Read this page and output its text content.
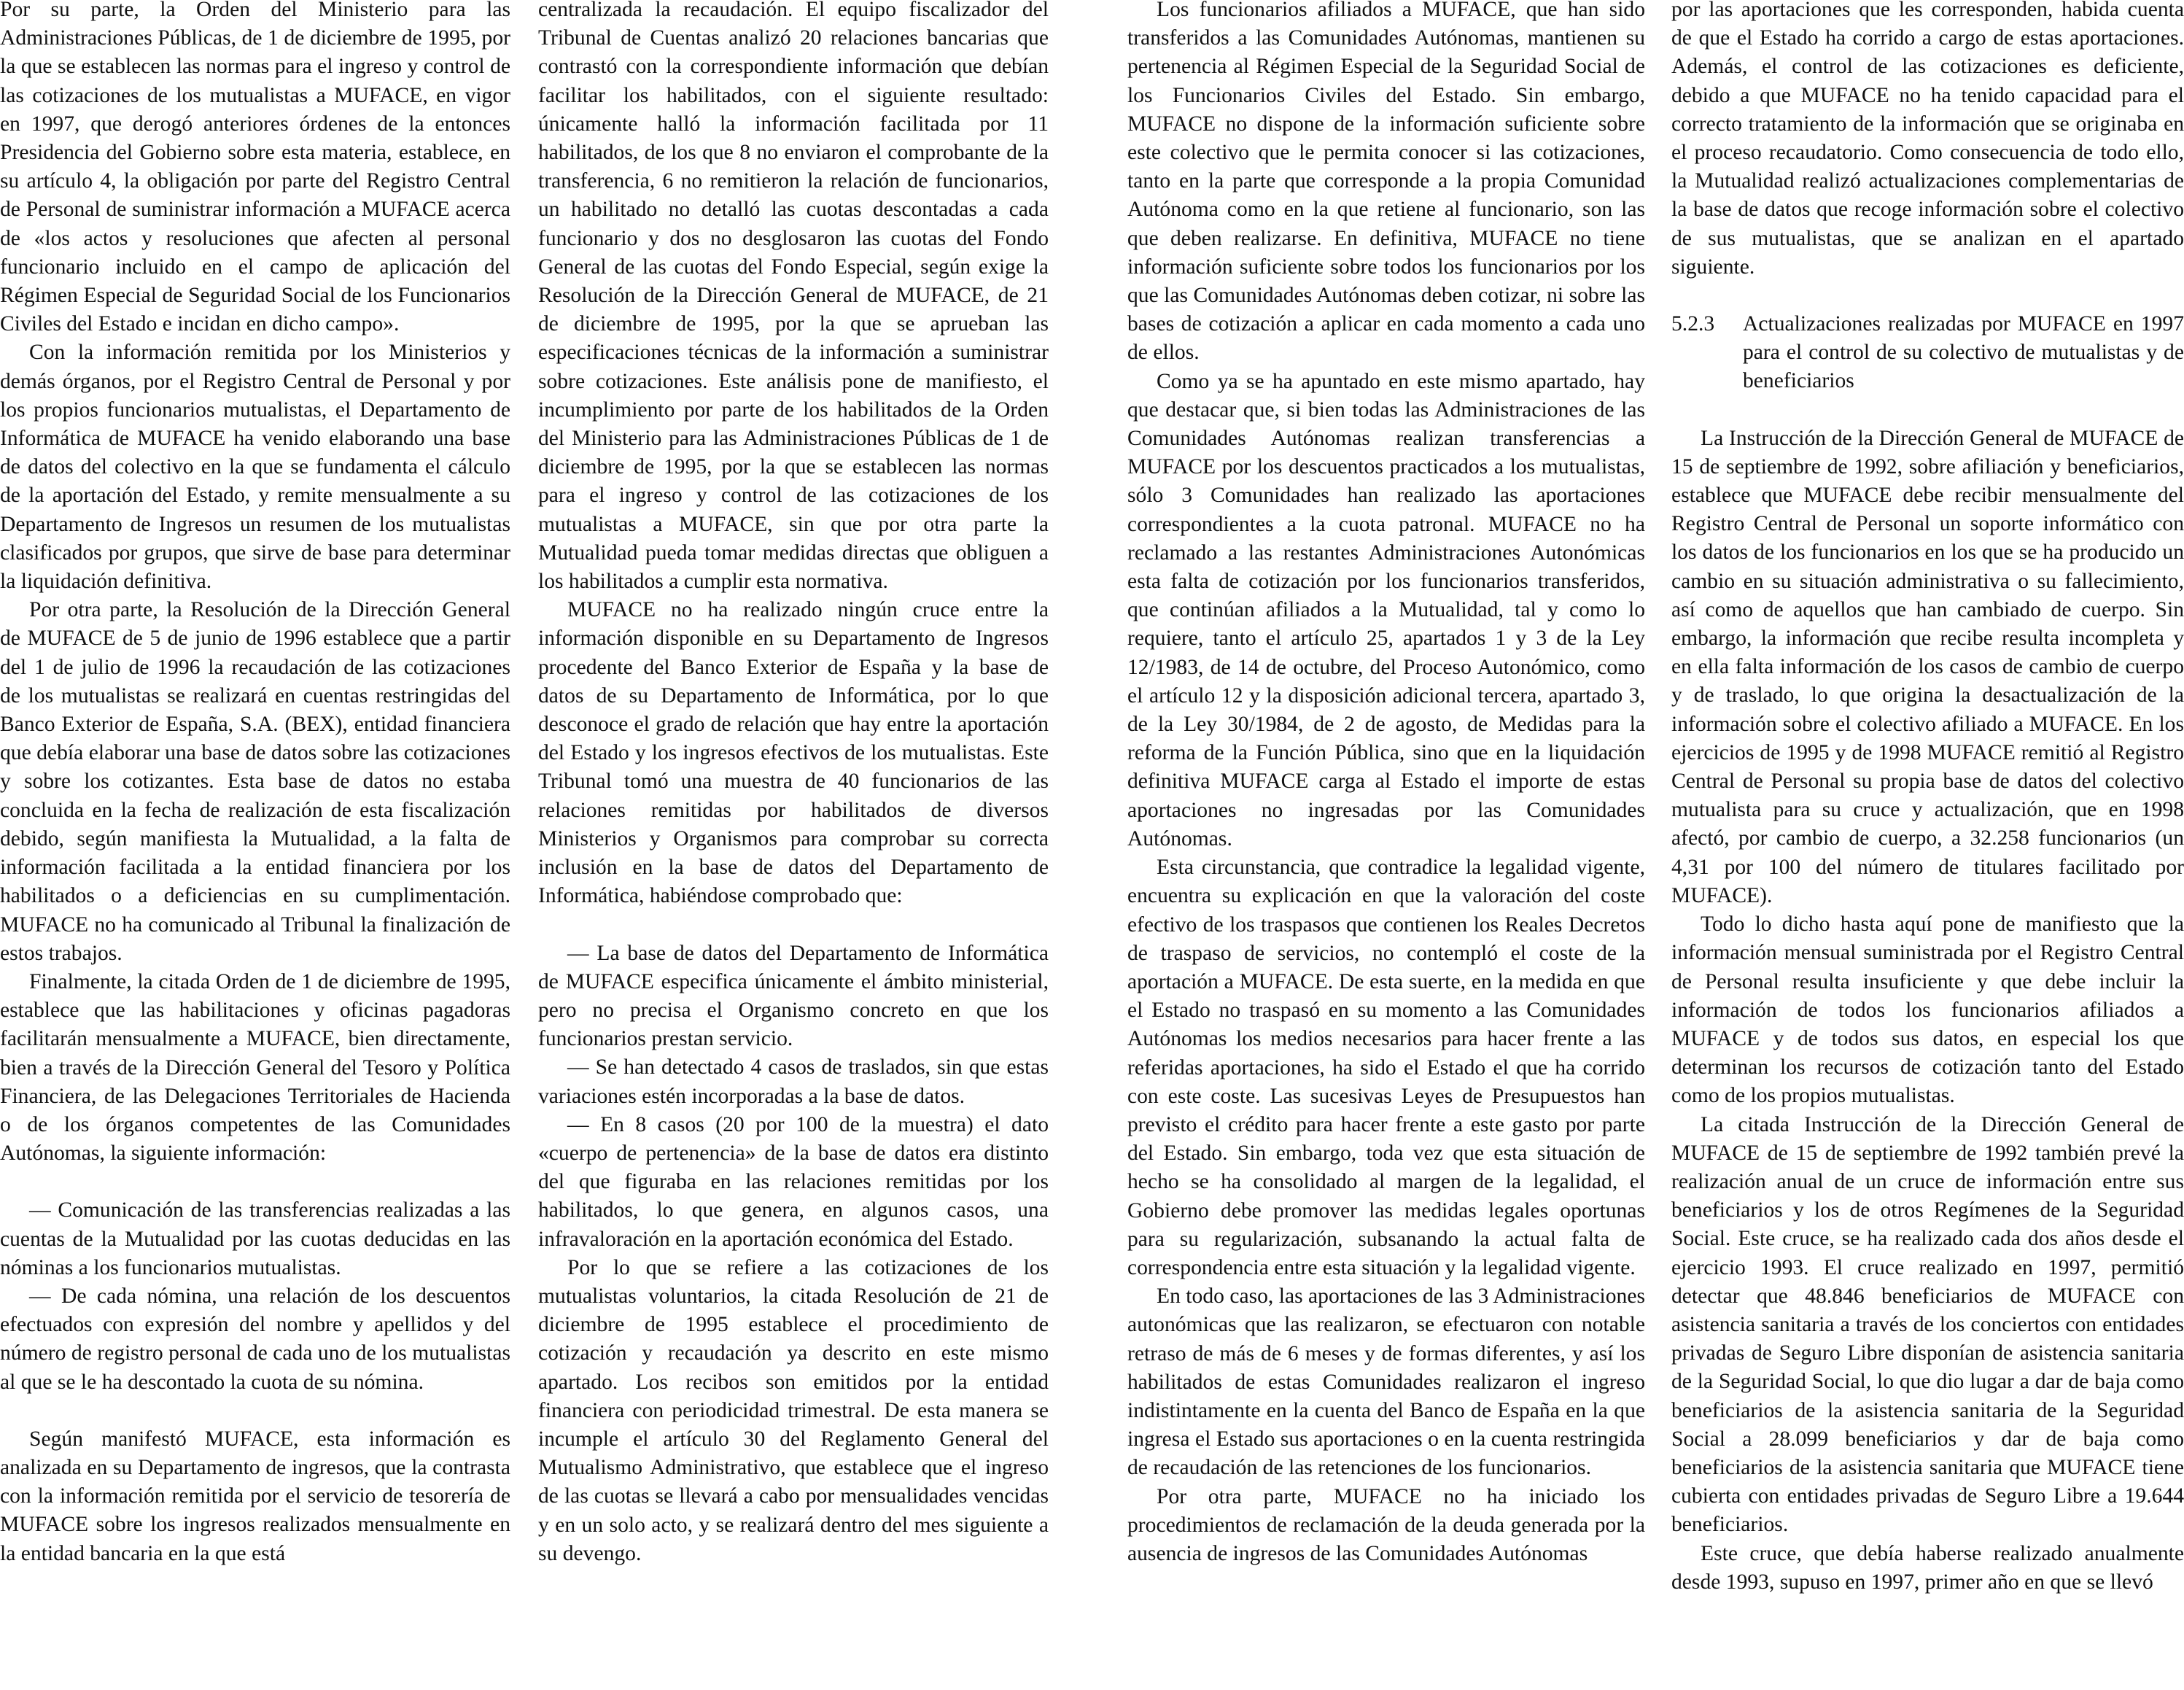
Por su parte, la Orden del Ministerio para las Administraciones Públicas, de 1 de diciembre de 1995, por la que se establecen las normas para el ingreso y control de las cotizaciones de los mutualistas a MUFACE, en vigor en 1997, que derogó anteriores órdenes de la entonces Presidencia del Gobierno sobre esta materia, establece, en su artículo 4, la obligación por parte del Registro Central de Personal de suministrar información a MUFACE acerca de «los actos y resoluciones que afecten al personal funcionario incluido en el campo de aplicación del Régimen Especial de Seguridad Social de los Funcionarios Civiles del Estado e incidan en dicho campo».

Con la información remitida por los Ministerios y demás órganos, por el Registro Central de Personal y por los propios funcionarios mutualistas, el Departamento de Informática de MUFACE ha venido elaborando una base de datos del colectivo en la que se fundamenta el cálculo de la aportación del Estado, y remite mensualmente a su Departamento de Ingresos un resumen de los mutualistas clasificados por grupos, que sirve de base para determinar la liquidación definitiva.

Por otra parte, la Resolución de la Dirección General de MUFACE de 5 de junio de 1996 establece que a partir del 1 de julio de 1996 la recaudación de las cotizaciones de los mutualistas se realizará en cuentas restringidas del Banco Exterior de España, S.A. (BEX), entidad financiera que debía elaborar una base de datos sobre las cotizaciones y sobre los cotizantes. Esta base de datos no estaba concluida en la fecha de realización de esta fiscalización debido, según manifiesta la Mutualidad, a la falta de información facilitada a la entidad financiera por los habilitados o a deficiencias en su cumplimentación. MUFACE no ha comunicado al Tribunal la finalización de estos trabajos.

Finalmente, la citada Orden de 1 de diciembre de 1995, establece que las habilitaciones y oficinas pagadoras facilitarán mensualmente a MUFACE, bien directamente, bien a través de la Dirección General del Tesoro y Política Financiera, de las Delegaciones Territoriales de Hacienda o de los órganos competentes de las Comunidades Autónomas, la siguiente información:

— Comunicación de las transferencias realizadas a las cuentas de la Mutualidad por las cuotas deducidas en las nóminas a los funcionarios mutualistas.

— De cada nómina, una relación de los descuentos efectuados con expresión del nombre y apellidos y del número de registro personal de cada uno de los mutualistas al que se le ha descontado la cuota de su nómina.

Según manifestó MUFACE, esta información es analizada en su Departamento de ingresos, que la contrasta con la información remitida por el servicio de tesorería de MUFACE sobre los ingresos realizados mensualmente en la entidad bancaria en la que está

centralizada la recaudación. El equipo fiscalizador del Tribunal de Cuentas analizó 20 relaciones bancarias que contrastó con la correspondiente información que debían facilitar los habilitados, con el siguiente resultado: únicamente halló la información facilitada por 11 habilitados, de los que 8 no enviaron el comprobante de la transferencia, 6 no remitieron la relación de funcionarios, un habilitado no detalló las cuotas descontadas a cada funcionario y dos no desglosaron las cuotas del Fondo General de las cuotas del Fondo Especial, según exige la Resolución de la Dirección General de MUFACE, de 21 de diciembre de 1995, por la que se aprueban las especificaciones técnicas de la información a suministrar sobre cotizaciones. Este análisis pone de manifiesto, el incumplimiento por parte de los habilitados de la Orden del Ministerio para las Administraciones Públicas de 1 de diciembre de 1995, por la que se establecen las normas para el ingreso y control de las cotizaciones de los mutualistas a MUFACE, sin que por otra parte la Mutualidad pueda tomar medidas directas que obliguen a los habilitados a cumplir esta normativa.

MUFACE no ha realizado ningún cruce entre la información disponible en su Departamento de Ingresos procedente del Banco Exterior de España y la base de datos de su Departamento de Informática, por lo que desconoce el grado de relación que hay entre la aportación del Estado y los ingresos efectivos de los mutualistas. Este Tribunal tomó una muestra de 40 funcionarios de las relaciones remitidas por habilitados de diversos Ministerios y Organismos para comprobar su correcta inclusión en la base de datos del Departamento de Informática, habiéndose comprobado que:

— La base de datos del Departamento de Informática de MUFACE especifica únicamente el ámbito ministerial, pero no precisa el Organismo concreto en que los funcionarios prestan servicio.

— Se han detectado 4 casos de traslados, sin que estas variaciones estén incorporadas a la base de datos.

— En 8 casos (20 por 100 de la muestra) el dato «cuerpo de pertenencia» de la base de datos era distinto del que figuraba en las relaciones remitidas por los habilitados, lo que genera, en algunos casos, una infravaloración en la aportación económica del Estado.

Por lo que se refiere a las cotizaciones de los mutualistas voluntarios, la citada Resolución de 21 de diciembre de 1995 establece el procedimiento de cotización y recaudación ya descrito en este mismo apartado. Los recibos son emitidos por la entidad financiera con periodicidad trimestral. De esta manera se incumple el artículo 30 del Reglamento General del Mutualismo Administrativo, que establece que el ingreso de las cuotas se llevará a cabo por mensualidades vencidas y en un solo acto, y se realizará dentro del mes siguiente a su devengo.

Los funcionarios afiliados a MUFACE, que han sido transferidos a las Comunidades Autónomas, mantienen su pertenencia al Régimen Especial de la Seguridad Social de los Funcionarios Civiles del Estado. Sin embargo, MUFACE no dispone de la información suficiente sobre este colectivo que le permita conocer si las cotizaciones, tanto en la parte que corresponde a la propia Comunidad Autónoma como en la que retiene al funcionario, son las que deben realizarse. En definitiva, MUFACE no tiene información suficiente sobre todos los funcionarios por los que las Comunidades Autónomas deben cotizar, ni sobre las bases de cotización a aplicar en cada momento a cada uno de ellos.

Como ya se ha apuntado en este mismo apartado, hay que destacar que, si bien todas las Administraciones de las Comunidades Autónomas realizan transferencias a MUFACE por los descuentos practicados a los mutualistas, sólo 3 Comunidades han realizado las aportaciones correspondientes a la cuota patronal. MUFACE no ha reclamado a las restantes Administraciones Autonómicas esta falta de cotización por los funcionarios transferidos, que continúan afiliados a la Mutualidad, tal y como lo requiere, tanto el artículo 25, apartados 1 y 3 de la Ley 12/1983, de 14 de octubre, del Proceso Autonómico, como el artículo 12 y la disposición adicional tercera, apartado 3, de la Ley 30/1984, de 2 de agosto, de Medidas para la reforma de la Función Pública, sino que en la liquidación definitiva MUFACE carga al Estado el importe de estas aportaciones no ingresadas por las Comunidades Autónomas.

Esta circunstancia, que contradice la legalidad vigente, encuentra su explicación en que la valoración del coste efectivo de los traspasos que contienen los Reales Decretos de traspaso de servicios, no contempló el coste de la aportación a MUFACE. De esta suerte, en la medida en que el Estado no traspasó en su momento a las Comunidades Autónomas los medios necesarios para hacer frente a las referidas aportaciones, ha sido el Estado el que ha corrido con este coste. Las sucesivas Leyes de Presupuestos han previsto el crédito para hacer frente a este gasto por parte del Estado. Sin embargo, toda vez que esta situación de hecho se ha consolidado al margen de la legalidad, el Gobierno debe promover las medidas legales oportunas para su regularización, subsanando la actual falta de correspondencia entre esta situación y la legalidad vigente.

En todo caso, las aportaciones de las 3 Administraciones autonómicas que las realizaron, se efectuaron con notable retraso de más de 6 meses y de formas diferentes, y así los habilitados de estas Comunidades realizaron el ingreso indistintamente en la cuenta del Banco de España en la que ingresa el Estado sus aportaciones o en la cuenta restringida de recaudación de las retenciones de los funcionarios.

Por otra parte, MUFACE no ha iniciado los procedimientos de reclamación de la deuda generada por la ausencia de ingresos de las Comunidades Autónomas

por las aportaciones que les corresponden, habida cuenta de que el Estado ha corrido a cargo de estas aportaciones. Además, el control de las cotizaciones es deficiente, debido a que MUFACE no ha tenido capacidad para el correcto tratamiento de la información que se originaba en el proceso recaudatorio. Como consecuencia de todo ello, la Mutualidad realizó actualizaciones complementarias de la base de datos que recoge información sobre el colectivo de sus mutualistas, que se analizan en el apartado siguiente.

5.2.3	Actualizaciones realizadas por MUFACE en 1997 para el control de su colectivo de mutualistas y de beneficiarios

La Instrucción de la Dirección General de MUFACE de 15 de septiembre de 1992, sobre afiliación y beneficiarios, establece que MUFACE debe recibir mensualmente del Registro Central de Personal un soporte informático con los datos de los funcionarios en los que se ha producido un cambio en su situación administrativa o su fallecimiento, así como de aquellos que han cambiado de cuerpo. Sin embargo, la información que recibe resulta incompleta y en ella falta información de los casos de cambio de cuerpo y de traslado, lo que origina la desactualización de la información sobre el colectivo afiliado a MUFACE. En los ejercicios de 1995 y de 1998 MUFACE remitió al Registro Central de Personal su propia base de datos del colectivo mutualista para su cruce y actualización, que en 1998 afectó, por cambio de cuerpo, a 32.258 funcionarios (un 4,31 por 100 del número de titulares facilitado por MUFACE).

Todo lo dicho hasta aquí pone de manifiesto que la información mensual suministrada por el Registro Central de Personal resulta insuficiente y que debe incluir la información de todos los funcionarios afiliados a MUFACE y de todos sus datos, en especial los que determinan los recursos de cotización tanto del Estado como de los propios mutualistas.

La citada Instrucción de la Dirección General de MUFACE de 15 de septiembre de 1992 también prevé la realización anual de un cruce de información entre sus beneficiarios y los de otros Regímenes de la Seguridad Social. Este cruce, se ha realizado cada dos años desde el ejercicio 1993. El cruce realizado en 1997, permitió detectar que 48.846 beneficiarios de MUFACE con asistencia sanitaria a través de los conciertos con entidades privadas de Seguro Libre disponían de asistencia sanitaria de la Seguridad Social, lo que dio lugar a dar de baja como beneficiarios de la asistencia sanitaria de la Seguridad Social a 28.099 beneficiarios y dar de baja como beneficiarios de la asistencia sanitaria que MUFACE tiene cubierta con entidades privadas de Seguro Libre a 19.644 beneficiarios.

Este cruce, que debía haberse realizado anualmente desde 1993, supuso en 1997, primer año en que se llevó
